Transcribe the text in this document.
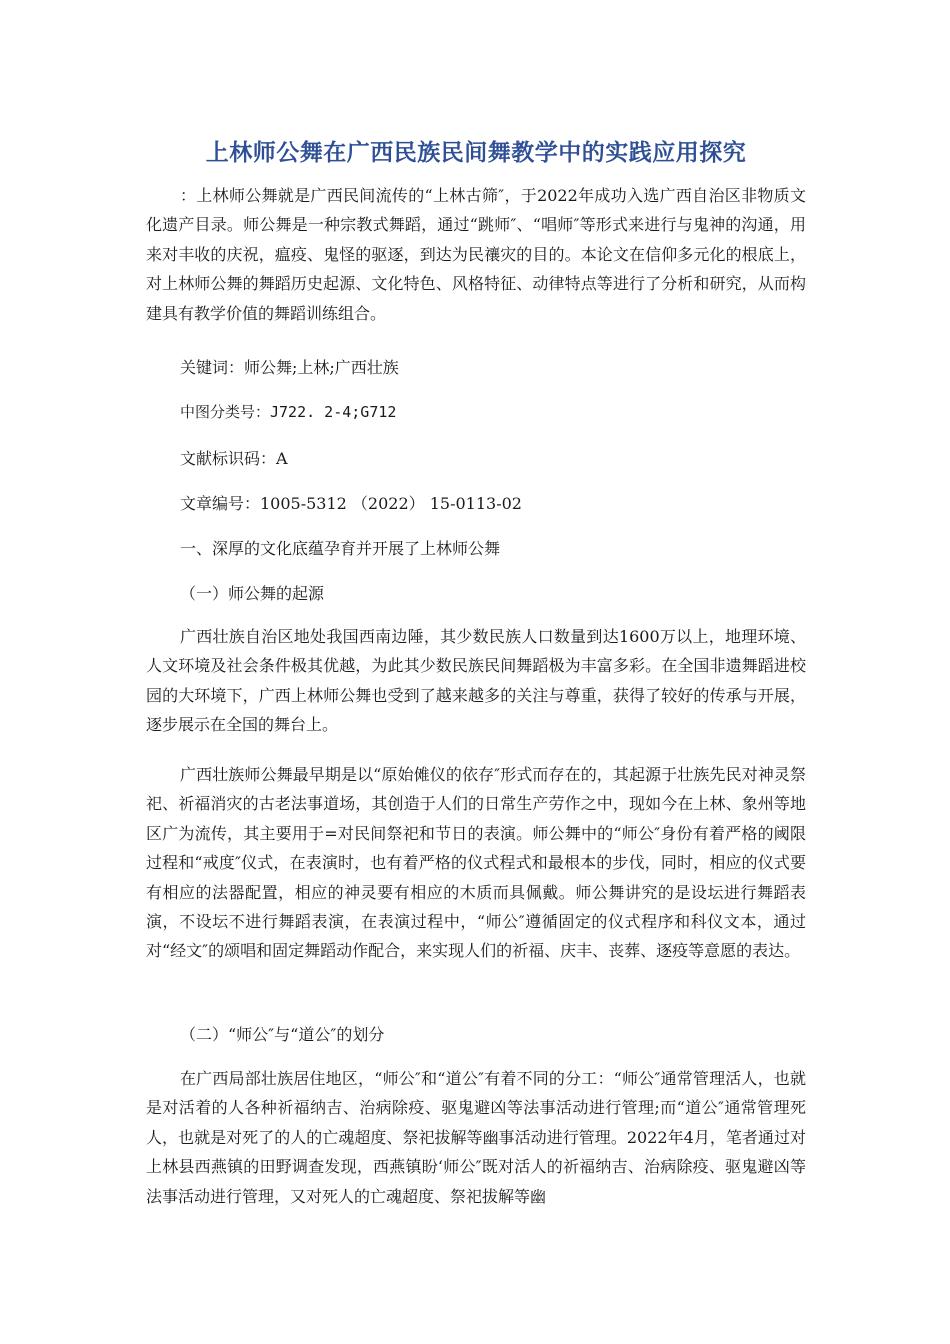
上林师公舞在广西民族民间舞教学中的实践应用探究
：上林师公舞就是广西民间流传的“上林古筛″，于2022年成功入选广西自治区非物质文化遗产目录。师公舞是一种宗教式舞蹈，通过“跳师″、“唱师″等形式来进行与鬼神的沟通，用来对丰收的庆祝，瘟疫、鬼怪的驱逐，到达为民禳灾的目的。本论文在信仰多元化的根底上，对上林师公舞的舞蹈历史起源、文化特色、风格特征、动律特点等进行了分析和研究，从而构建具有教学价值的舞蹈训练组合。
关键词：师公舞;上林;广西壮族
中图分类号：J722. 2-4;G712
文献标识码：A
文章编号：1005-5312 （2022） 15-0113-02
一、深厚的文化底蕴孕育并开展了上林师公舞
（一）师公舞的起源
广西壮族自治区地处我国西南边陲，其少数民族人口数量到达1600万以上，地理环境、人文环境及社会条件极其优越，为此其少数民族民间舞蹈极为丰富多彩。在全国非遗舞蹈进校园的大环境下，广西上林师公舞也受到了越来越多的关注与尊重，获得了较好的传承与开展，逐步展示在全国的舞台上。
广西壮族师公舞最早期是以“原始傩仪的依存″形式而存在的，其起源于壮族先民对神灵祭祀、祈福消灾的古老法事道场，其创造于人们的日常生产劳作之中，现如今在上林、象州等地区广为流传，其主要用于=对民间祭祀和节日的表演。师公舞中的“师公″身份有着严格的阈限过程和“戒度″仪式，在表演时，也有着严格的仪式程式和最根本的步伐，同时，相应的仪式要有相应的法器配置，相应的神灵要有相应的木质而具佩戴。师公舞讲究的是设坛进行舞蹈表演，不设坛不进行舞蹈表演，在表演过程中，“师公″遵循固定的仪式程序和科仪文本，通过对“经文″的颂唱和固定舞蹈动作配合，来实现人们的祈福、庆丰、丧葬、逐疫等意愿的表达。
（二）“师公″与“道公″的划分
在广西局部壮族居住地区，“师公″和“道公″有着不同的分工：“师公″通常管理活人，也就是对活着的人各种祈福纳吉、治病除疫、驱鬼避凶等法事活动进行管理;而“道公″通常管理死人，也就是对死了的人的亡魂超度、祭祀拔解等幽事活动进行管理。2022年4月，笔者通过对上林县西燕镇的田野调查发现，西燕镇盼‘师公″既对活人的祈福纳吉、治病除疫、驱鬼避凶等法事活动进行管理，又对死人的亡魂超度、祭祀拔解等幽
